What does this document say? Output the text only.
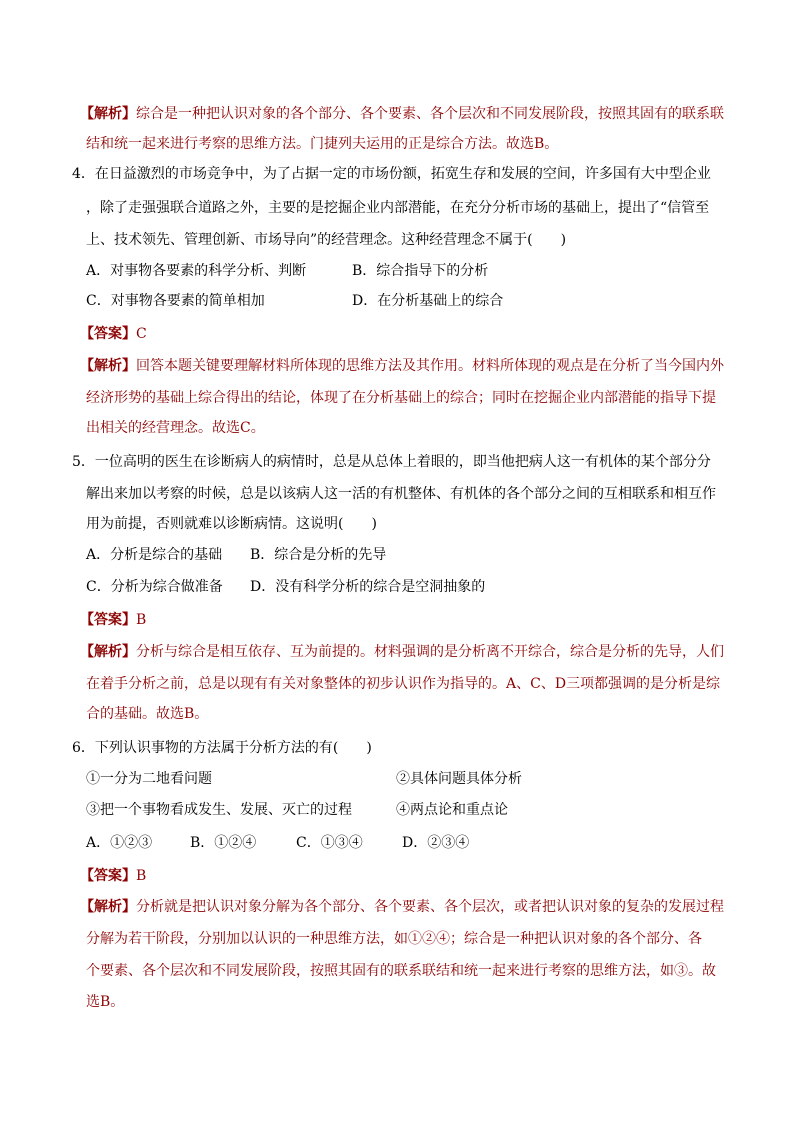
【解析】综合是一种把认识对象的各个部分、各个要素、各个层次和不同发展阶段，按照其固有的联系联
结和统一起来进行考察的思维方法。门捷列夫运用的正是综合方法。故选B。
4．在日益激烈的市场竞争中，为了占据一定的市场份额，拓宽生存和发展的空间，许多国有大中型企业
，除了走强强联合道路之外，主要的是挖掘企业内部潜能，在充分分析市场的基础上，提出了“信管至
上、技术领先、管理创新、市场导向”的经营理念。这种经营理念不属于(　　)
A．对事物各要素的科学分析、判断	B．综合指导下的分析
C．对事物各要素的简单相加	D．在分析基础上的综合
【答案】C
【解析】回答本题关键要理解材料所体现的思维方法及其作用。材料所体现的观点是在分析了当今国内外
经济形势的基础上综合得出的结论，体现了在分析基础上的综合；同时在挖掘企业内部潜能的指导下提
出相关的经营理念。故选C。
5．一位高明的医生在诊断病人的病情时，总是从总体上着眼的，即当他把病人这一有机体的某个部分分
解出来加以考察的时候，总是以该病人这一活的有机整体、有机体的各个部分之间的互相联系和相互作
用为前提，否则就难以诊断病情。这说明(　　)
A．分析是综合的基础 B．综合是分析的先导
C．分析为综合做准备 D．没有科学分析的综合是空洞抽象的
【答案】B
【解析】分析与综合是相互依存、互为前提的。材料强调的是分析离不开综合，综合是分析的先导，人们
在着手分析之前，总是以现有有关对象整体的初步认识作为指导的。A、C、D三项都强调的是分析是综
合的基础。故选B。
6．下列认识事物的方法属于分析方法的有(　　)
①一分为二地看问题	②具体问题具体分析
③把一个事物看成发生、发展、灭亡的过程	④两点论和重点论
A．①②③	B．①②④	C．①③④	D．②③④
【答案】B
【解析】分析就是把认识对象分解为各个部分、各个要素、各个层次，或者把认识对象的复杂的发展过程
分解为若干阶段，分别加以认识的一种思维方法，如①②④；综合是一种把认识对象的各个部分、各
个要素、各个层次和不同发展阶段，按照其固有的联系联结和统一起来进行考察的思维方法，如③。故
选B。
